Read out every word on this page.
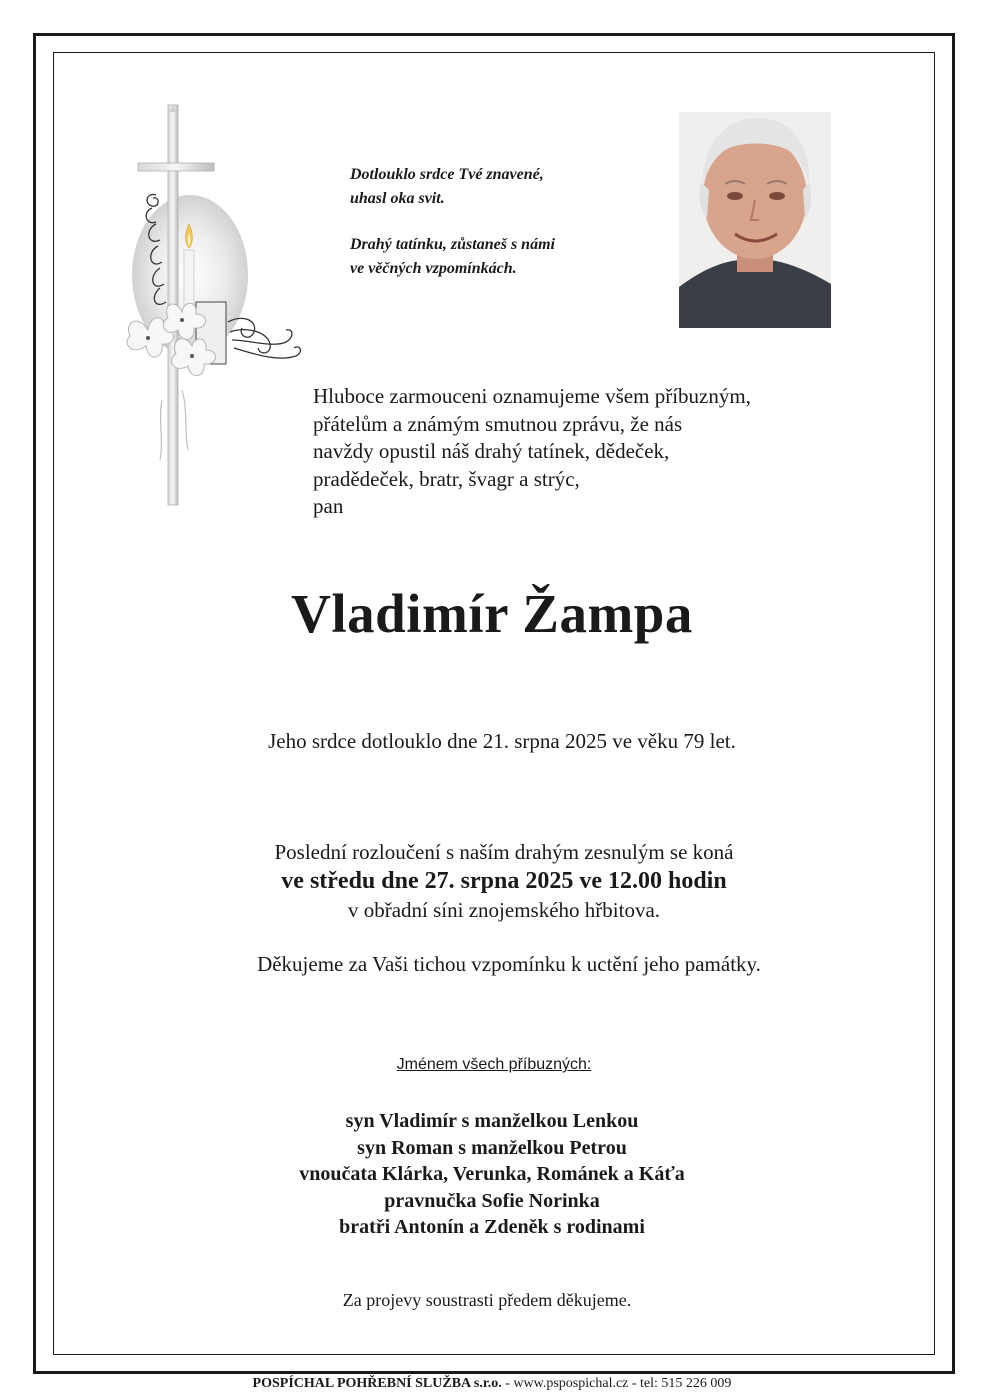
Dotlouklo srdce Tvé znavené,
uhasl oka svit.
Drahý tatínku, zůstaneš s námi
ve věčných vzpomínkách.
Hluboce zarmouceni oznamujeme všem příbuzným,
přátelům a známým smutnou zprávu, že nás
navždy opustil náš drahý tatínek, dědeček,
pradědeček, bratr, švagr a strýc,
pan
Vladimír Žampa
Jeho srdce dotlouklo dne 21. srpna 2025 ve věku 79 let.
Poslední rozloučení s naším drahým zesnulým se koná
ve středu dne 27. srpna 2025 ve 12.00 hodin
v obřadní síni znojemského hřbitova.
Děkujeme za Vaši tichou vzpomínku k uctění jeho památky.
Jménem všech příbuzných:
syn Vladimír s manželkou Lenkou
syn Roman s manželkou Petrou
vnoučata Klárka, Verunka, Románek a Káťa
pravnučka Sofie Norinka
bratři Antonín a Zdeněk s rodinami
Za projevy soustrasti předem děkujeme.
POSPÍCHAL POHŘEBNÍ SLUŽBA s.r.o. - www.pspospichal.cz - tel: 515 226 009
